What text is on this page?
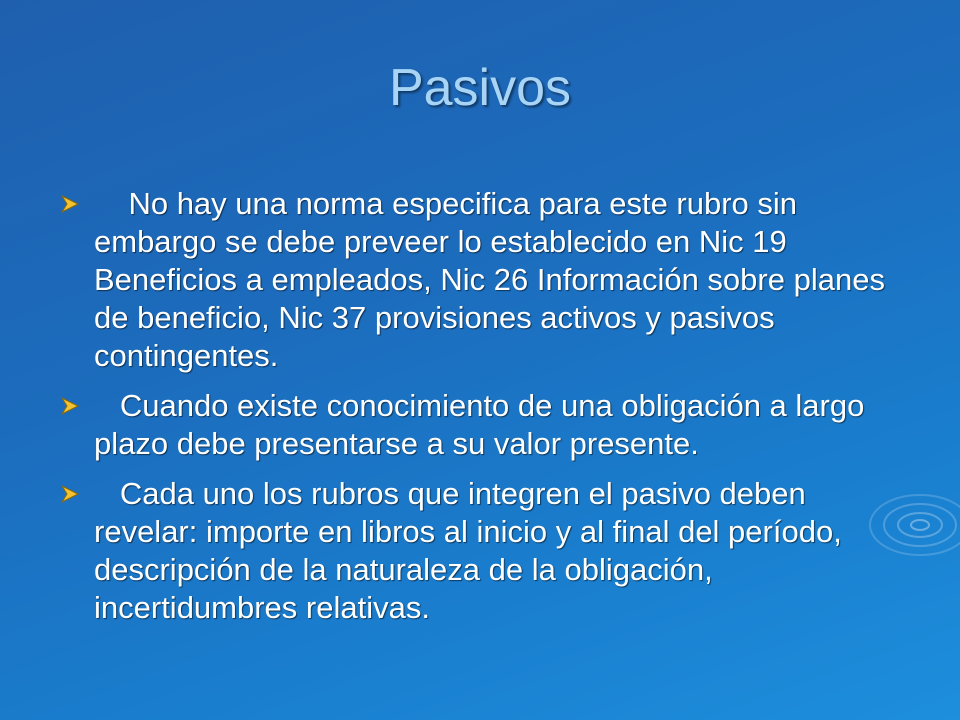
Pasivos
No hay una norma especifica para este rubro sin embargo se debe preveer lo establecido en Nic 19 Beneficios a empleados, Nic 26 Información sobre planes de beneficio, Nic 37 provisiones activos y pasivos contingentes.
Cuando existe conocimiento de una obligación a largo plazo debe presentarse a su valor presente.
Cada uno los rubros que integren el pasivo deben revelar: importe en libros al inicio y al final del período, descripción de la naturaleza de la obligación, incertidumbres relativas.
